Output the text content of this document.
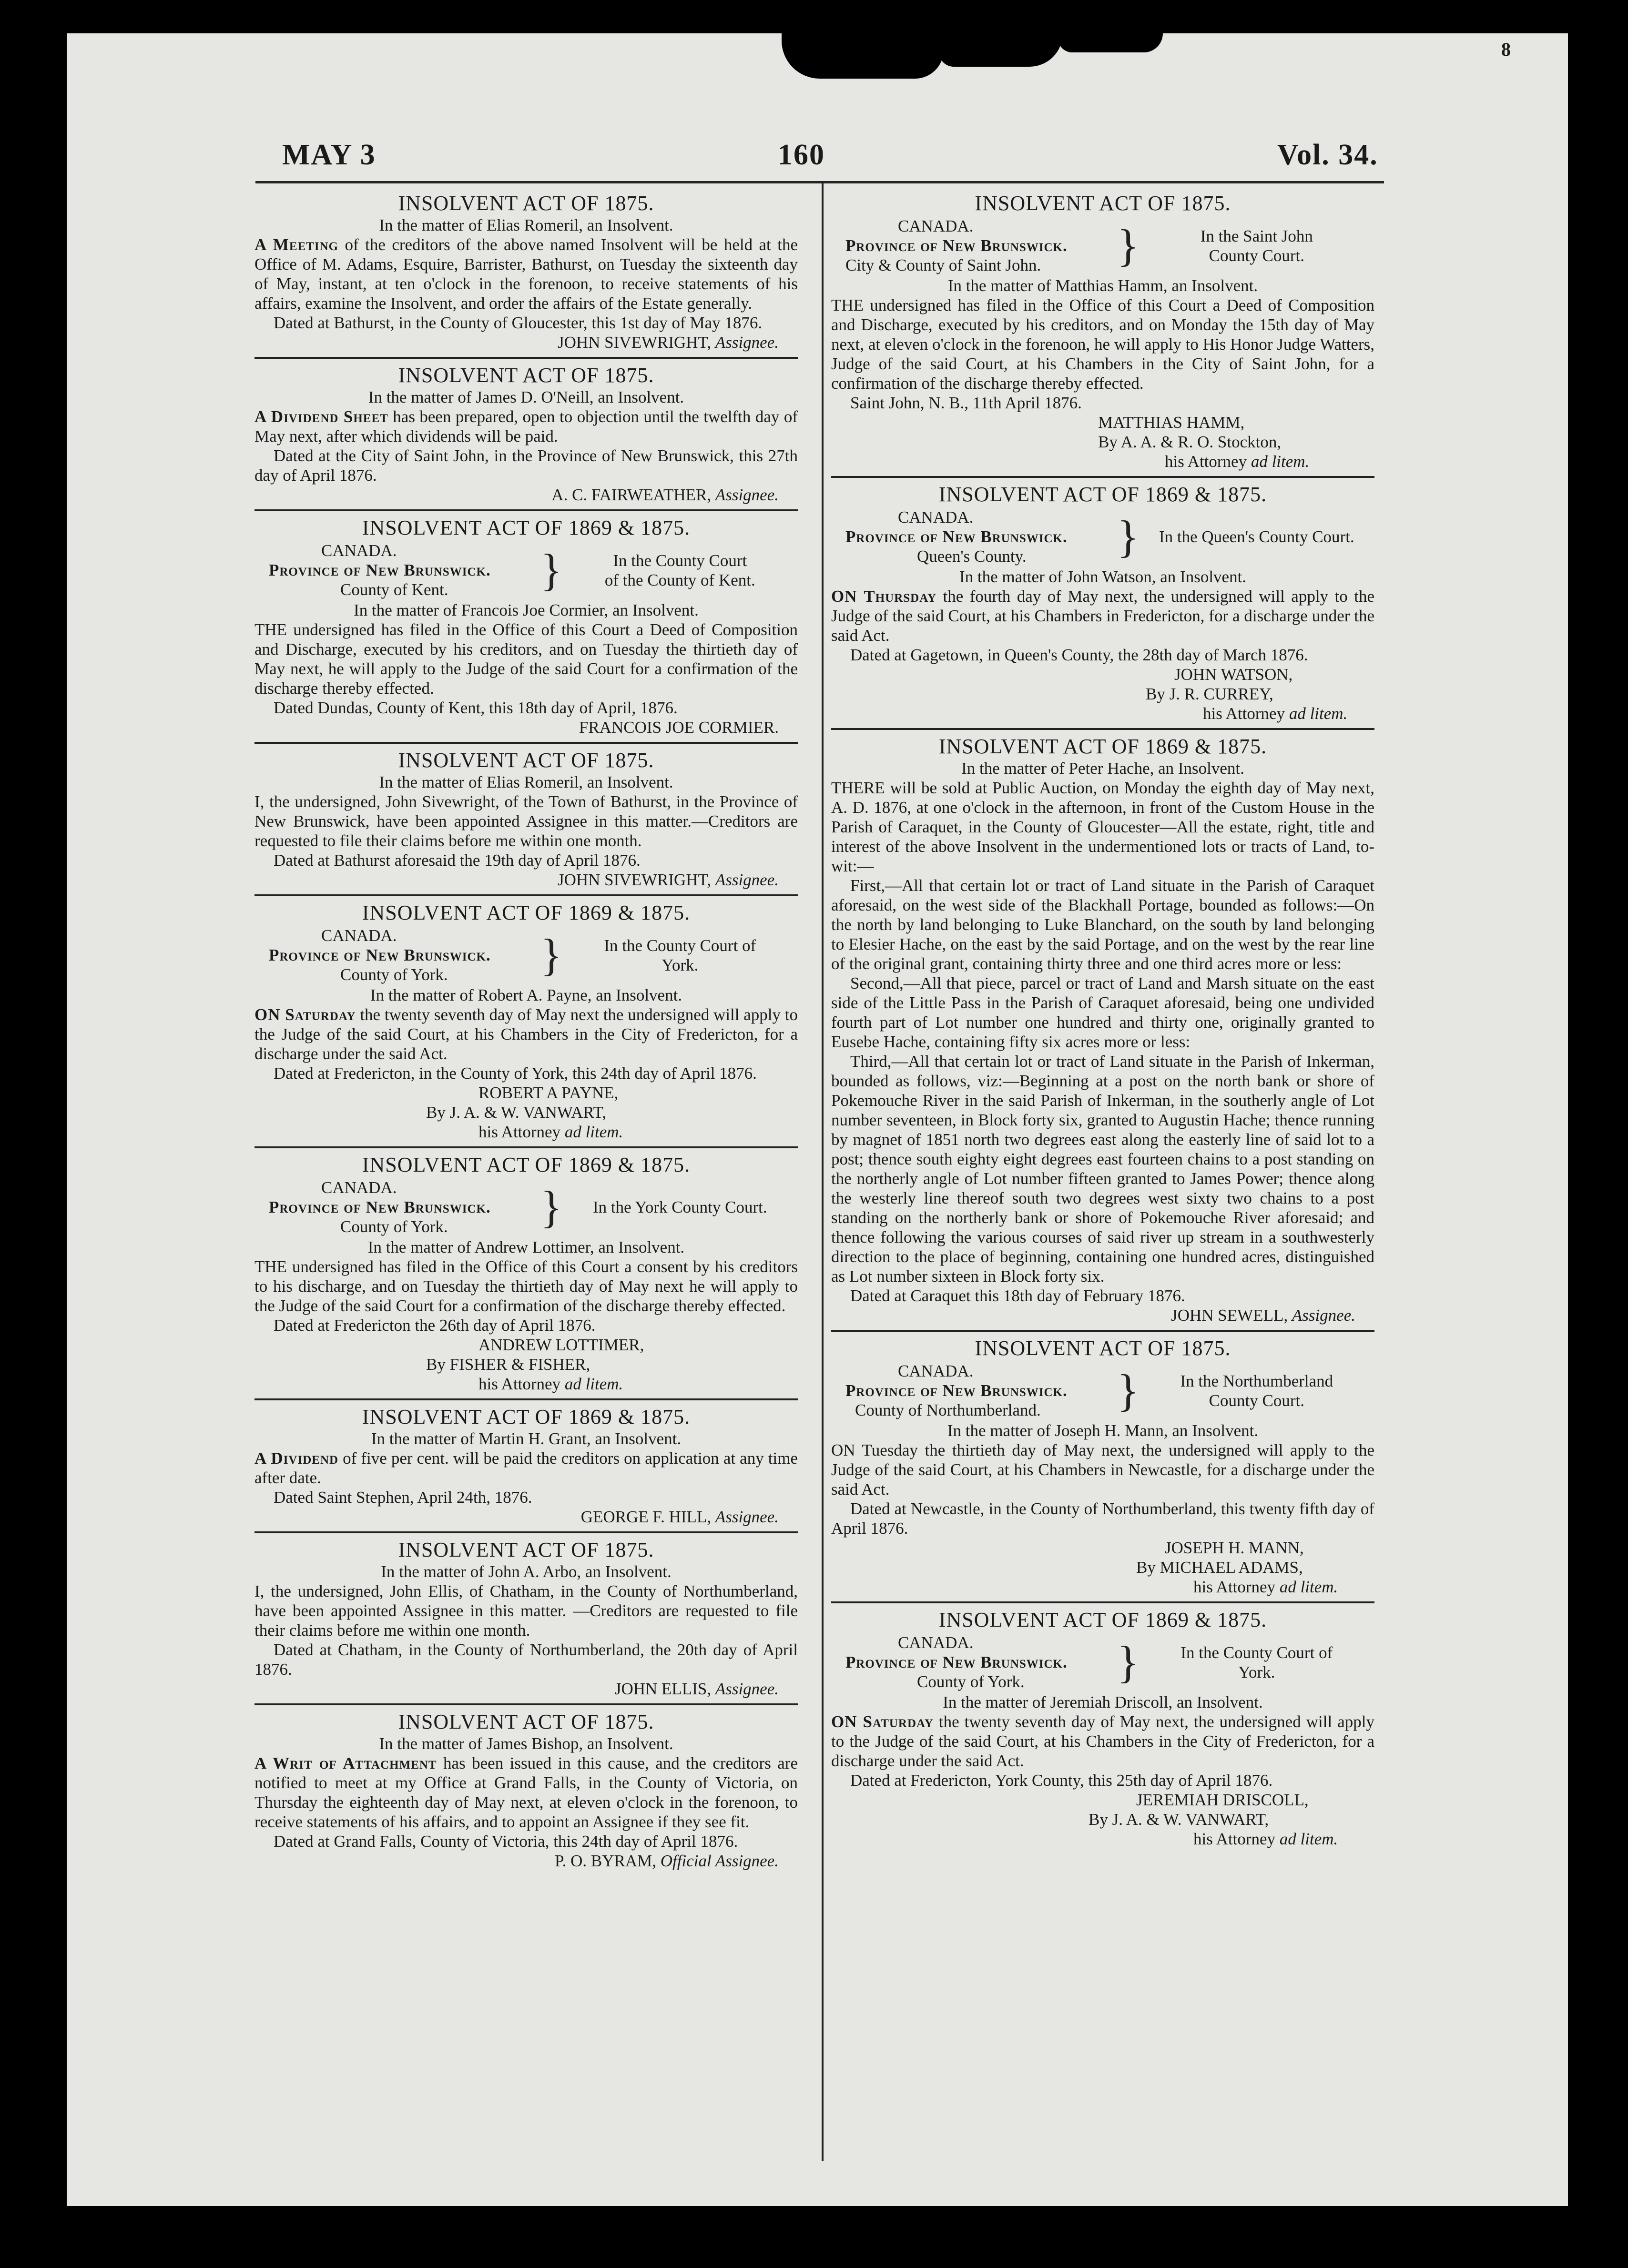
MAY 3	160	Vol. 34.
8
INSOLVENT ACT OF 1875.
In the matter of Elias Romeril, an Insolvent.
A Meeting of the creditors of the above named Insolvent will be held at the Office of M. Adams, Esquire, Barrister, Bathurst, on Tuesday the sixteenth day of May, instant, at ten o'clock in the forenoon, to receive statements of his affairs, examine the Insolvent, and order the affairs of the Estate generally.
Dated at Bathurst, in the County of Gloucester, this 1st day of May 1876.
JOHN SIVEWRIGHT, Assignee.
INSOLVENT ACT OF 1875.
In the matter of James D. O'Neill, an Insolvent.
A Dividend Sheet has been prepared, open to objection until the twelfth day of May next, after which dividends will be paid.
Dated at the City of Saint John, in the Province of New Brunswick, this 27th day of April 1876.
A. C. FAIRWEATHER, Assignee.
INSOLVENT ACT OF 1869 & 1875.
CANADA.
Province of New Brunswick.
County of Kent.	}	In the County Court
of the County of Kent.
In the matter of Francois Joe Cormier, an Insolvent.
THE undersigned has filed in the Office of this Court a Deed of Composition and Discharge, executed by his creditors, and on Tuesday the thirtieth day of May next, he will apply to the Judge of the said Court for a confirmation of the discharge thereby effected.
Dated Dundas, County of Kent, this 18th day of April, 1876.
FRANCOIS JOE CORMIER.
INSOLVENT ACT OF 1875.
In the matter of Elias Romeril, an Insolvent.
I, the undersigned, John Sivewright, of the Town of Bathurst, in the Province of New Brunswick, have been appointed Assignee in this matter.—Creditors are requested to file their claims before me within one month.
Dated at Bathurst aforesaid the 19th day of April 1876.
JOHN SIVEWRIGHT, Assignee.
INSOLVENT ACT OF 1869 & 1875.
CANADA.
Province of New Brunswick.
County of York.	}	In the County Court of
York.
In the matter of Robert A. Payne, an Insolvent.
ON Saturday the twenty seventh day of May next the undersigned will apply to the Judge of the said Court, at his Chambers in the City of Fredericton, for a discharge under the said Act.
Dated at Fredericton, in the County of York, this 24th day of April 1876.
ROBERT A PAYNE,
By J. A. & W. VANWART,
his Attorney ad litem.
INSOLVENT ACT OF 1869 & 1875.
CANADA.
Province of New Brunswick.
County of York.	}	In the York County Court.
In the matter of Andrew Lottimer, an Insolvent.
THE undersigned has filed in the Office of this Court a consent by his creditors to his discharge, and on Tuesday the thirtieth day of May next he will apply to the Judge of the said Court for a confirmation of the discharge thereby effected.
Dated at Fredericton the 26th day of April 1876.
ANDREW LOTTIMER,
By FISHER & FISHER,
his Attorney ad litem.
INSOLVENT ACT OF 1869 & 1875.
In the matter of Martin H. Grant, an Insolvent.
A Dividend of five per cent. will be paid the creditors on application at any time after date.
Dated Saint Stephen, April 24th, 1876.
GEORGE F. HILL, Assignee.
INSOLVENT ACT OF 1875.
In the matter of John A. Arbo, an Insolvent.
I, the undersigned, John Ellis, of Chatham, in the County of Northumberland, have been appointed Assignee in this matter. —Creditors are requested to file their claims before me within one month.
Dated at Chatham, in the County of Northumberland, the 20th day of April 1876.
JOHN ELLIS, Assignee.
INSOLVENT ACT OF 1875.
In the matter of James Bishop, an Insolvent.
A Writ of Attachment has been issued in this cause, and the creditors are notified to meet at my Office at Grand Falls, in the County of Victoria, on Thursday the eighteenth day of May next, at eleven o'clock in the forenoon, to receive statements of his affairs, and to appoint an Assignee if they see fit.
Dated at Grand Falls, County of Victoria, this 24th day of April 1876.
P. O. BYRAM, Official Assignee.
INSOLVENT ACT OF 1875.
CANADA.
Province of New Brunswick.
City & County of Saint John.	}	In the Saint John
County Court.
In the matter of Matthias Hamm, an Insolvent.
THE undersigned has filed in the Office of this Court a Deed of Composition and Discharge, executed by his creditors, and on Monday the 15th day of May next, at eleven o'clock in the forenoon, he will apply to His Honor Judge Watters, Judge of the said Court, at his Chambers in the City of Saint John, for a confirmation of the discharge thereby effected.
Saint John, N. B., 11th April 1876.
MATTHIAS HAMM,
By A. A. & R. O. Stockton,
his Attorney ad litem.
INSOLVENT ACT OF 1869 & 1875.
CANADA.
Province of New Brunswick.
Queen's County.	}	In the Queen's County Court.
In the matter of John Watson, an Insolvent.
ON Thursday the fourth day of May next, the undersigned will apply to the Judge of the said Court, at his Chambers in Fredericton, for a discharge under the said Act.
Dated at Gagetown, in Queen's County, the 28th day of March 1876.
JOHN WATSON,
By J. R. CURREY,
his Attorney ad litem.
INSOLVENT ACT OF 1869 & 1875.
In the matter of Peter Hache, an Insolvent.
THERE will be sold at Public Auction, on Monday the eighth day of May next, A. D. 1876, at one o'clock in the afternoon, in front of the Custom House in the Parish of Caraquet, in the County of Gloucester—All the estate, right, title and interest of the above Insolvent in the undermentioned lots or tracts of Land, to-wit:—
First,—All that certain lot or tract of Land situate in the Parish of Caraquet aforesaid, on the west side of the Blackhall Portage, bounded as follows:—On the north by land belonging to Luke Blanchard, on the south by land belonging to Elesier Hache, on the east by the said Portage, and on the west by the rear line of the original grant, containing thirty three and one third acres more or less:
Second,—All that piece, parcel or tract of Land and Marsh situate on the east side of the Little Pass in the Parish of Caraquet aforesaid, being one undivided fourth part of Lot number one hundred and thirty one, originally granted to Eusebe Hache, containing fifty six acres more or less:
Third,—All that certain lot or tract of Land situate in the Parish of Inkerman, bounded as follows, viz:—Beginning at a post on the north bank or shore of Pokemouche River in the said Parish of Inkerman, in the southerly angle of Lot number seventeen, in Block forty six, granted to Augustin Hache; thence running by magnet of 1851 north two degrees east along the easterly line of said lot to a post; thence south eighty eight degrees east fourteen chains to a post standing on the northerly angle of Lot number fifteen granted to James Power; thence along the westerly line thereof south two degrees west sixty two chains to a post standing on the northerly bank or shore of Pokemouche River aforesaid; and thence following the various courses of said river up stream in a southwesterly direction to the place of beginning, containing one hundred acres, distinguished as Lot number sixteen in Block forty six.
Dated at Caraquet this 18th day of February 1876.
JOHN SEWELL, Assignee.
INSOLVENT ACT OF 1875.
CANADA.
Province of New Brunswick.
County of Northumberland.	}	In the Northumberland
County Court.
In the matter of Joseph H. Mann, an Insolvent.
ON Tuesday the thirtieth day of May next, the undersigned will apply to the Judge of the said Court, at his Chambers in Newcastle, for a discharge under the said Act.
Dated at Newcastle, in the County of Northumberland, this twenty fifth day of April 1876.
JOSEPH H. MANN,
By MICHAEL ADAMS,
his Attorney ad litem.
INSOLVENT ACT OF 1869 & 1875.
CANADA.
Province of New Brunswick.
County of York.	}	In the County Court of
York.
In the matter of Jeremiah Driscoll, an Insolvent.
ON Saturday the twenty seventh day of May next, the undersigned will apply to the Judge of the said Court, at his Chambers in the City of Fredericton, for a discharge under the said Act.
Dated at Fredericton, York County, this 25th day of April 1876.
JEREMIAH DRISCOLL,
By J. A. & W. VANWART,
his Attorney ad litem.
